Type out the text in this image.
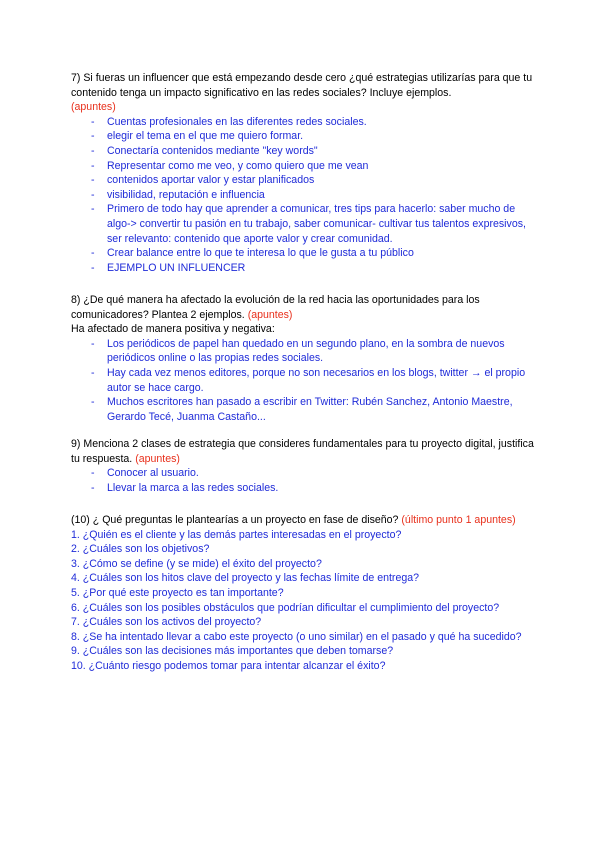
7) Si fueras un influencer que está empezando desde cero ¿qué estrategias utilizarías para que tu contenido tenga un impacto significativo en las redes sociales? Incluye ejemplos.
(apuntes)
- Cuentas profesionales en las diferentes redes sociales.
- elegir el tema en el que me quiero formar.
- Conectaría contenidos mediante "key words"
- Representar como me veo, y como quiero que me vean
- contenidos aportar valor y estar planificados
- visibilidad, reputación e influencia
- Primero de todo hay que aprender a comunicar, tres tips para hacerlo: saber mucho de algo-> convertir tu pasión en tu trabajo, saber comunicar- cultivar tus talentos expresivos, ser relevanto: contenido que aporte valor y crear comunidad.
- Crear balance entre lo que te interesa lo que le gusta a tu público
- EJEMPLO UN INFLUENCER
8) ¿De qué manera ha afectado la evolución de la red hacia las oportunidades para los comunicadores? Plantea 2 ejemplos. (apuntes)
Ha afectado de manera positiva y negativa:
- Los periódicos de papel han quedado en un segundo plano, en la sombra de nuevos periódicos online o las propias redes sociales.
- Hay cada vez menos editores, porque no son necesarios en los blogs, twitter → el propio autor se hace cargo.
- Muchos escritores han pasado a escribir en Twitter: Rubén Sanchez, Antonio Maestre, Gerardo Tecé, Juanma Castaño...
9) Menciona 2 clases de estrategia que consideres fundamentales para tu proyecto digital, justifica tu respuesta. (apuntes)
- Conocer al usuario.
- Llevar la marca a las redes sociales.
(10) ¿ Qué preguntas le plantearías a un proyecto en fase de diseño? (último punto 1 apuntes)
1. ¿Quién es el cliente y las demás partes interesadas en el proyecto?
2. ¿Cuáles son los objetivos?
3. ¿Cómo se define (y se mide) el éxito del proyecto?
4. ¿Cuáles son los hitos clave del proyecto y las fechas límite de entrega?
5. ¿Por qué este proyecto es tan importante?
6. ¿Cuáles son los posibles obstáculos que podrían dificultar el cumplimiento del proyecto?
7. ¿Cuáles son los activos del proyecto?
8. ¿Se ha intentado llevar a cabo este proyecto (o uno similar) en el pasado y qué ha sucedido?
9. ¿Cuáles son las decisiones más importantes que deben tomarse?
10. ¿Cuánto riesgo podemos tomar para intentar alcanzar el éxito?
